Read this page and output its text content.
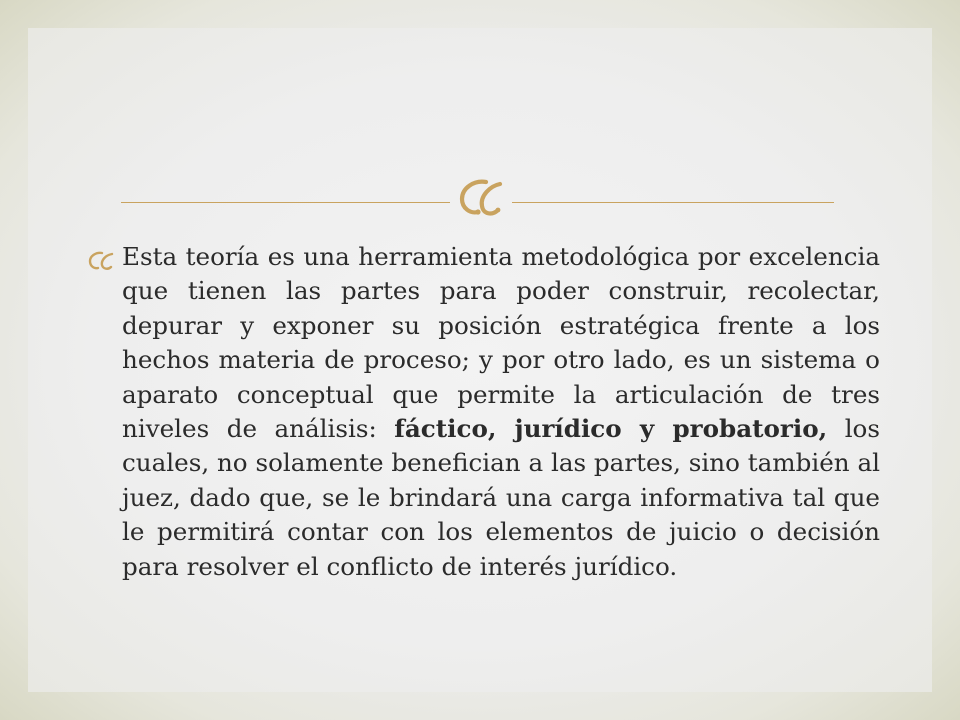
Esta teoría es una herramienta metodológica por excelencia que tienen las partes para poder construir, recolectar, depurar y exponer su posición estratégica frente a los hechos materia de proceso; y por otro lado, es un sistema o aparato conceptual que permite la articulación de tres niveles de análisis: fáctico, jurídico y probatorio, los cuales, no solamente benefician a las partes, sino también al juez, dado que, se le brindará una carga informativa tal que le permitirá contar con los elementos de juicio o decisión para resolver el conflicto de interés jurídico.
